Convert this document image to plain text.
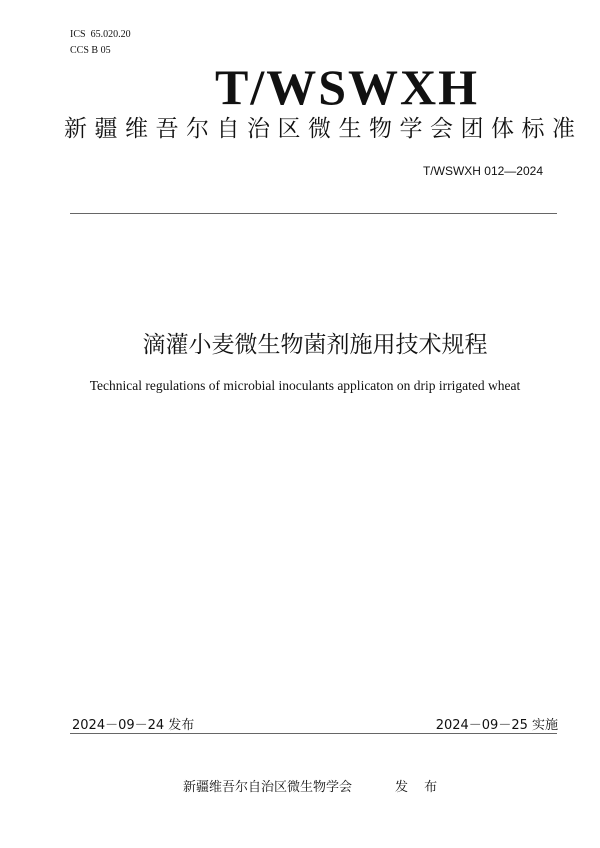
ICS 65.020.20
CCS B 05
T/WSWXH
新疆维吾尔自治区微生物学会团体标准
T/WSWXH 012—2024
滴灌小麦微生物菌剂施用技术规程
Technical regulations of microbial inoculants applicaton on drip irrigated wheat
2024－09－24 发布	2024－09－25 实施
新疆维吾尔自治区微生物学会	发 布
